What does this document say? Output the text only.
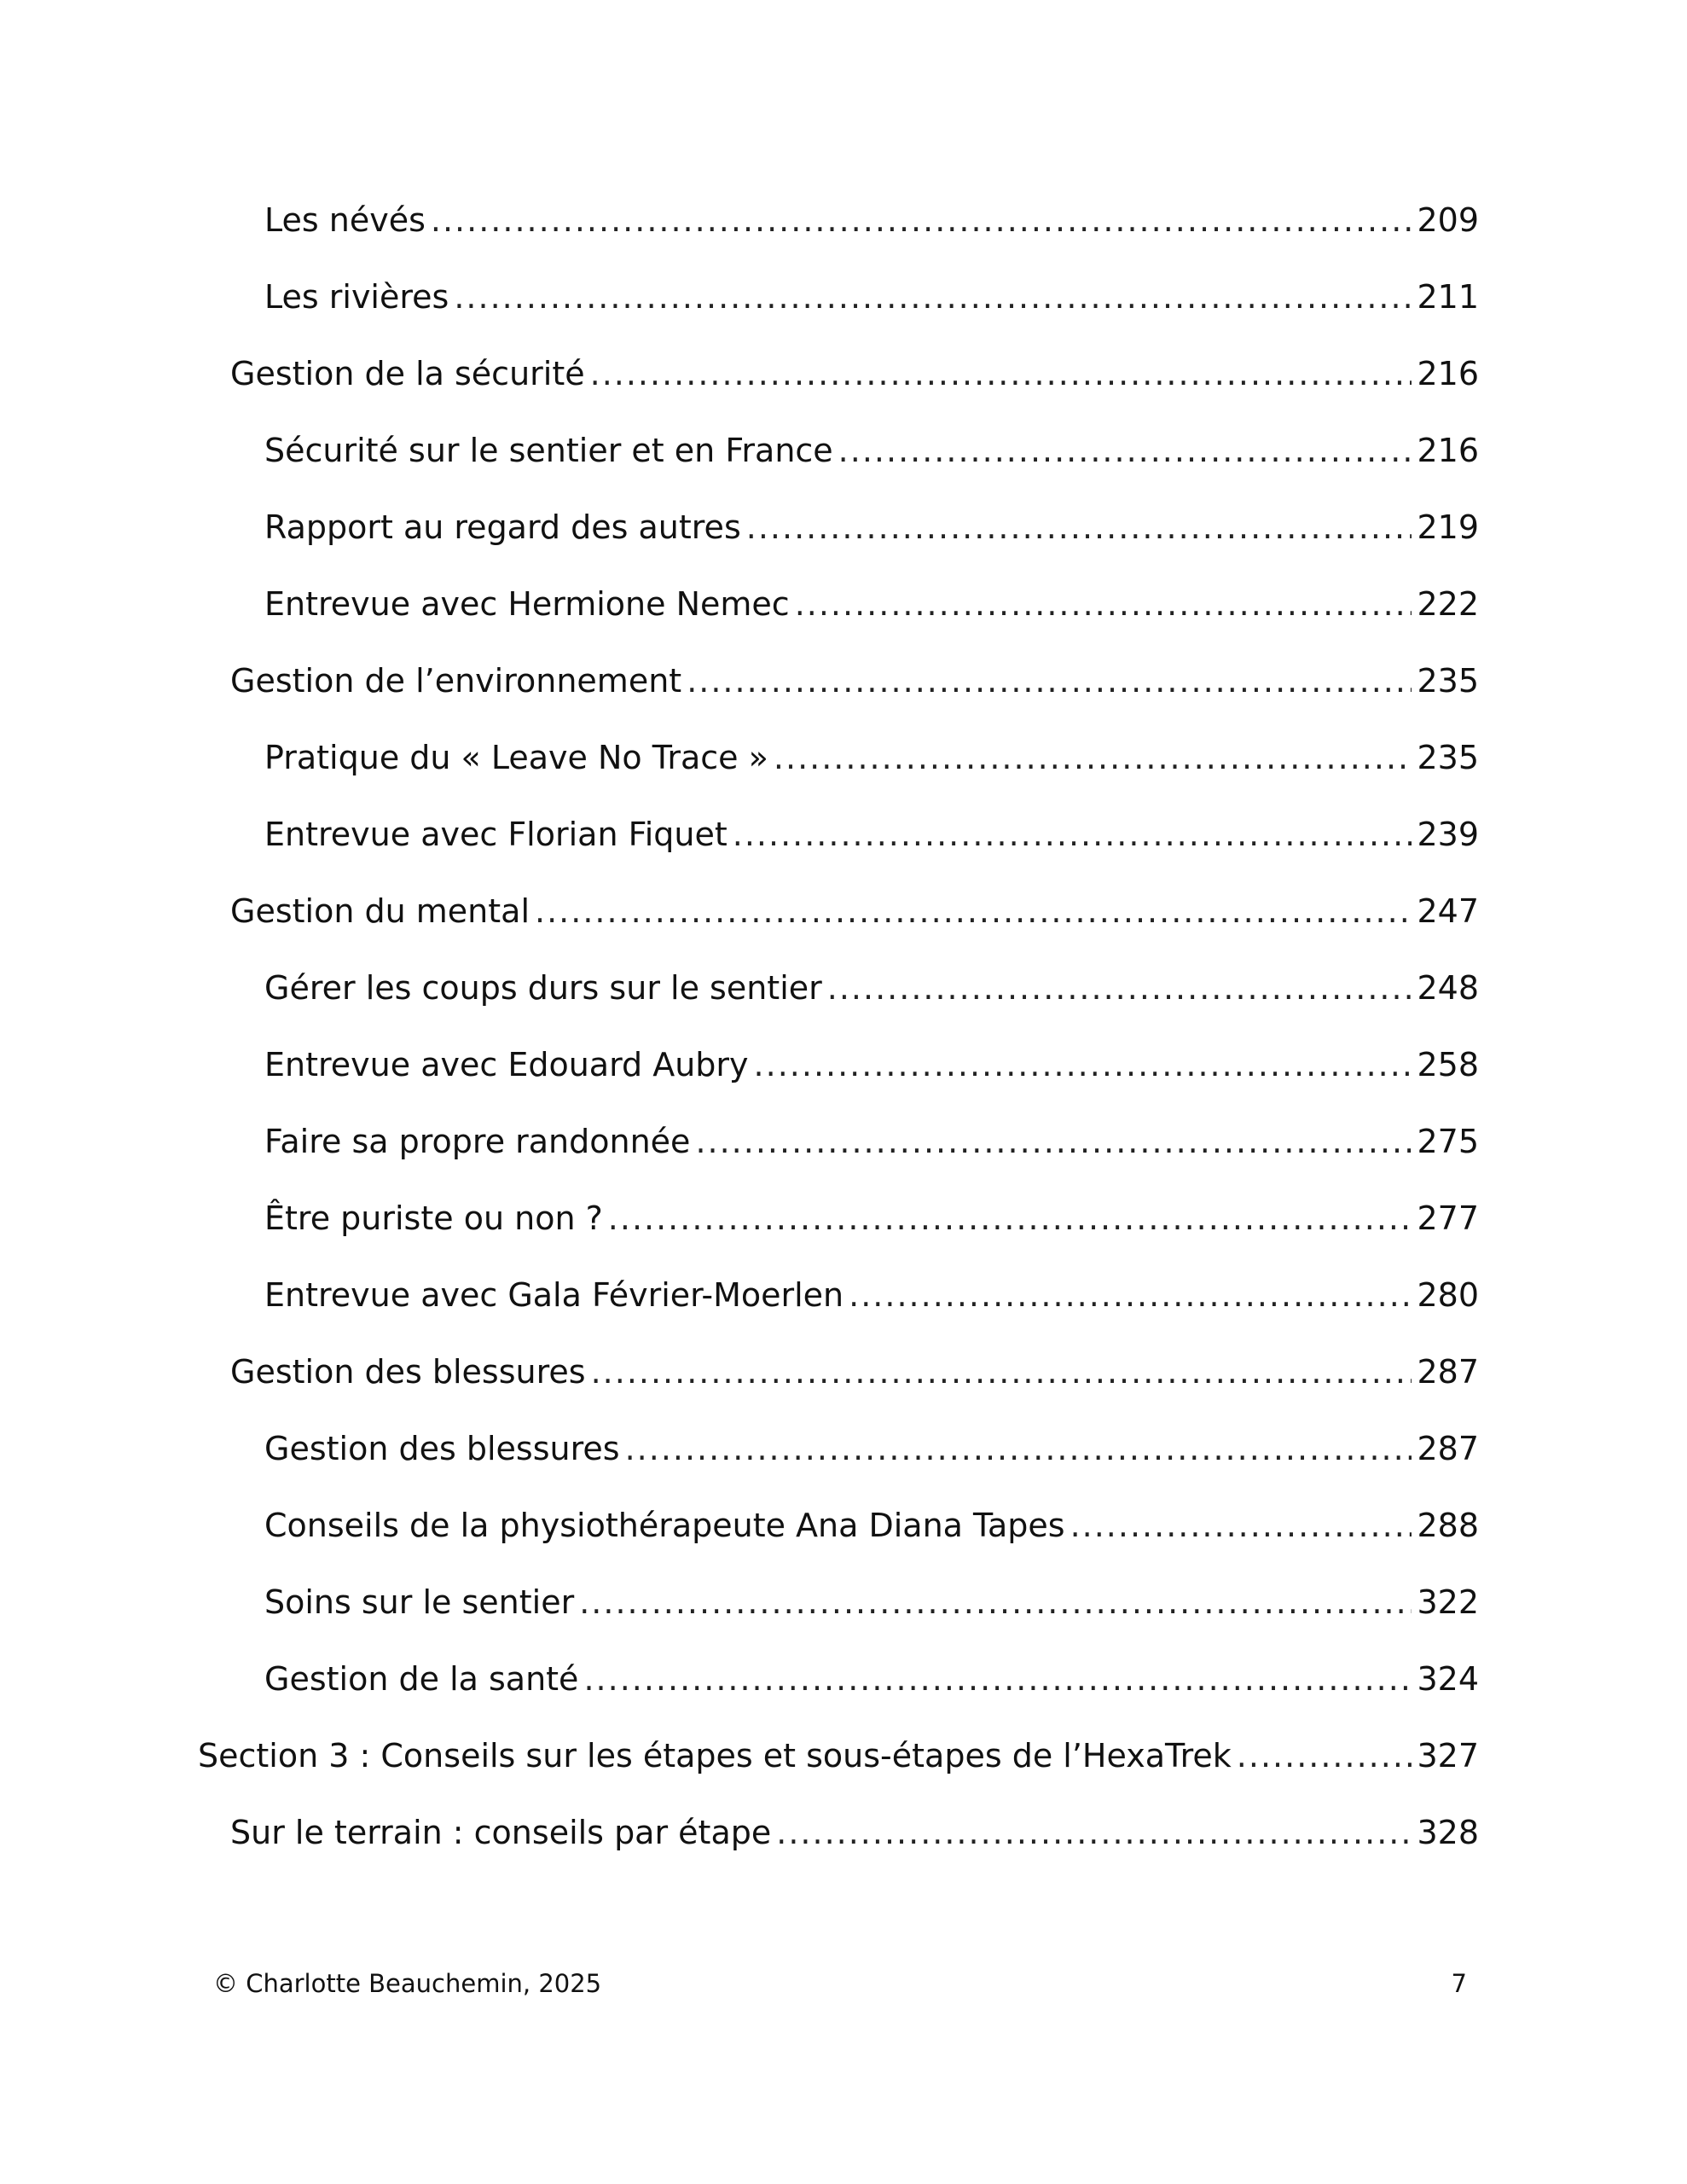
Les névés .....	209
Les rivières .....	211
Gestion de la sécurité .....	216
Sécurité sur le sentier et en France .....	216
Rapport au regard des autres .....	219
Entrevue avec Hermione Nemec .....	222
Gestion de l’environnement .....	235
Pratique du « Leave No Trace » .....	235
Entrevue avec Florian Fiquet .....	239
Gestion du mental .....	247
Gérer les coups durs sur le sentier .....	248
Entrevue avec Edouard Aubry .....	258
Faire sa propre randonnée .....	275
Être puriste ou non ? .....	277
Entrevue avec Gala Février-Moerlen .....	280
Gestion des blessures .....	287
Gestion des blessures .....	287
Conseils de la physiothérapeute Ana Diana Tapes .....	288
Soins sur le sentier .....	322
Gestion de la santé .....	324
Section 3 : Conseils sur les étapes et sous-étapes de l’HexaTrek .....	327
Sur le terrain : conseils par étape .....	328
© Charlotte Beauchemin, 2025	7
